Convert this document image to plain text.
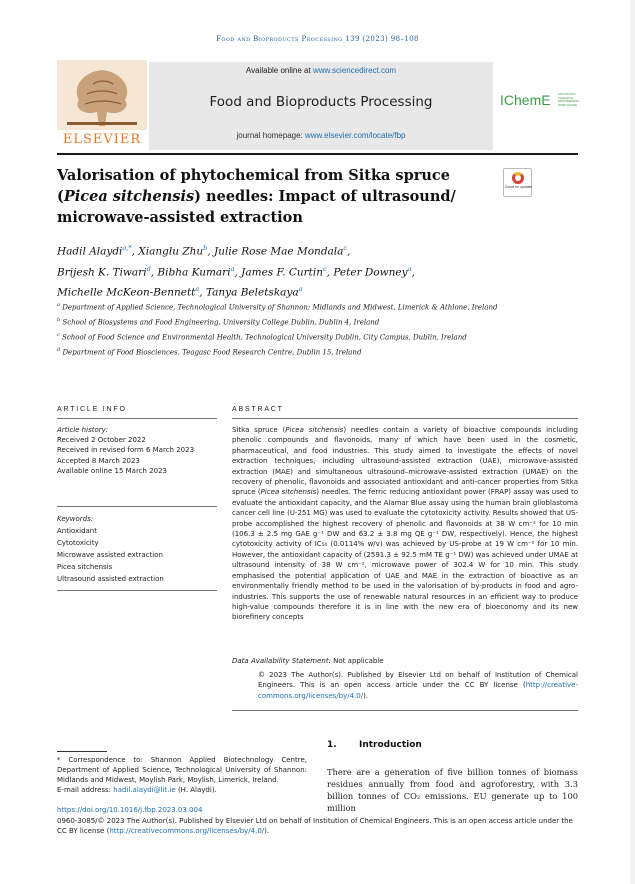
Food and Bioproducts Processing 139 (2023) 98–108
ELSEVIER
Available online at www.sciencedirect.com
Food and Bioproducts Processing
journal homepage: www.elsevier.com/locate/fbp
IChemE ADVANCING CHEMICAL ENGINEERING WORLDWIDE
Valorisation of phytochemical from Sitka spruce (Picea sitchensis) needles: Impact of ultrasound/ microwave-assisted extraction
Check for updates
Hadil Alaydi$^{a,*}$, Xianglu Zhu$^b$, Julie Rose Mae Mondala$^c$,
Brijesh K. Tiwari$^d$, Bibha Kumari$^a$, James F. Curtin$^c$, Peter Downey$^a$,
Michelle McKeon-Bennett$^a$, Tanya Beletskaya$^a$
$^a$ Department of Applied Science, Technological University of Shannon: Midlands and Midwest, Limerick & Athlone, Ireland
$^b$ School of Biosystems and Food Engineering, University College Dublin, Dublin 4, Ireland
$^c$ School of Food Science and Environmental Health, Technological University Dublin, City Campus, Dublin, Ireland
$^d$ Department of Food Biosciences, Teagasc Food Research Centre, Dublin 15, Ireland
ARTICLE INFO
Article history:
Received 2 October 2022
Received in revised form 6 March 2023
Accepted 8 March 2023
Available online 15 March 2023
Keywords:
Antioxidant
Cytotoxicity
Microwave assisted extraction
Picea sitchensis
Ultrasound assisted extraction
ABSTRACT
Sitka spruce (Picea sitchensis) needles contain a variety of bioactive compounds including phenolic compounds and flavonoids, many of which have been used in the cosmetic, pharmaceutical, and food industries. This study aimed to investigate the effects of novel extraction techniques, including ultrasound-assisted extraction (UAE), microwave-assisted extraction (MAE) and simultaneous ultrasound–microwave-assisted extraction (UMAE) on the recovery of phenolic, flavonoids and associated antioxidant and anti-cancer properties from Sitka spruce (Picea sitchensis) needles. The ferric reducing antioxidant power (FRAP) assay was used to evaluate the antioxidant capacity, and the Alamar Blue assay using the human brain glioblastoma cancer cell line (U-251 MG) was used to evaluate the cytotoxicity activity. Results showed that US-probe accomplished the highest recovery of phenolic and flavonoids at 38 W cm⁻² for 10 min (106.3 ± 2.5 mg GAE g⁻¹ DW and 63.2 ± 3.8 mg QE g⁻¹ DW, respectively). Hence, the highest cytotoxicity activity of IC₅₀ (0.0114% w/v) was achieved by US-probe at 19 W cm⁻² for 10 min. However, the antioxidant capacity of (2591.3 ± 92.5 mM TE g⁻¹ DW) was achieved under UMAE at ultrasound intensity of 38 W cm⁻², microwave power of 302.4 W for 10 min. This study emphasised the potential application of UAE and MAE in the extraction of bioactive as an environmentally friendly method to be used in the valorisation of by-products in food and agro-industries. This supports the use of renewable natural resources in an efficient way to produce high-value compounds therefore it is in line with the new era of bioeconomy and its new biorefinery concepts
Data Availability Statement: Not applicable
© 2023 The Author(s). Published by Elsevier Ltd on behalf of Institution of Chemical Engineers. This is an open access article under the CC BY license (http://creative-commons.org/licenses/by/4.0/).
1. Introduction
There are a generation of five billion tonnes of biomass residues annually from food and agroforestry, with 3.3 billion tonnes of CO₂ emissions. EU generate up to 100 million
* Correspondence to: Shannon Applied Biotechnology Centre, Department of Applied Science, Technological University of Shannon: Midlands and Midwest, Moylish Park, Moylish, Limerick, Ireland.
E-mail address: hadil.alaydi@lit.ie (H. Alaydi).
https://doi.org/10.1016/j.fbp.2023.03.004
0960-3085/© 2023 The Author(s). Published by Elsevier Ltd on behalf of Institution of Chemical Engineers. This is an open access article under the CC BY license (http://creativecommons.org/licenses/by/4.0/).
